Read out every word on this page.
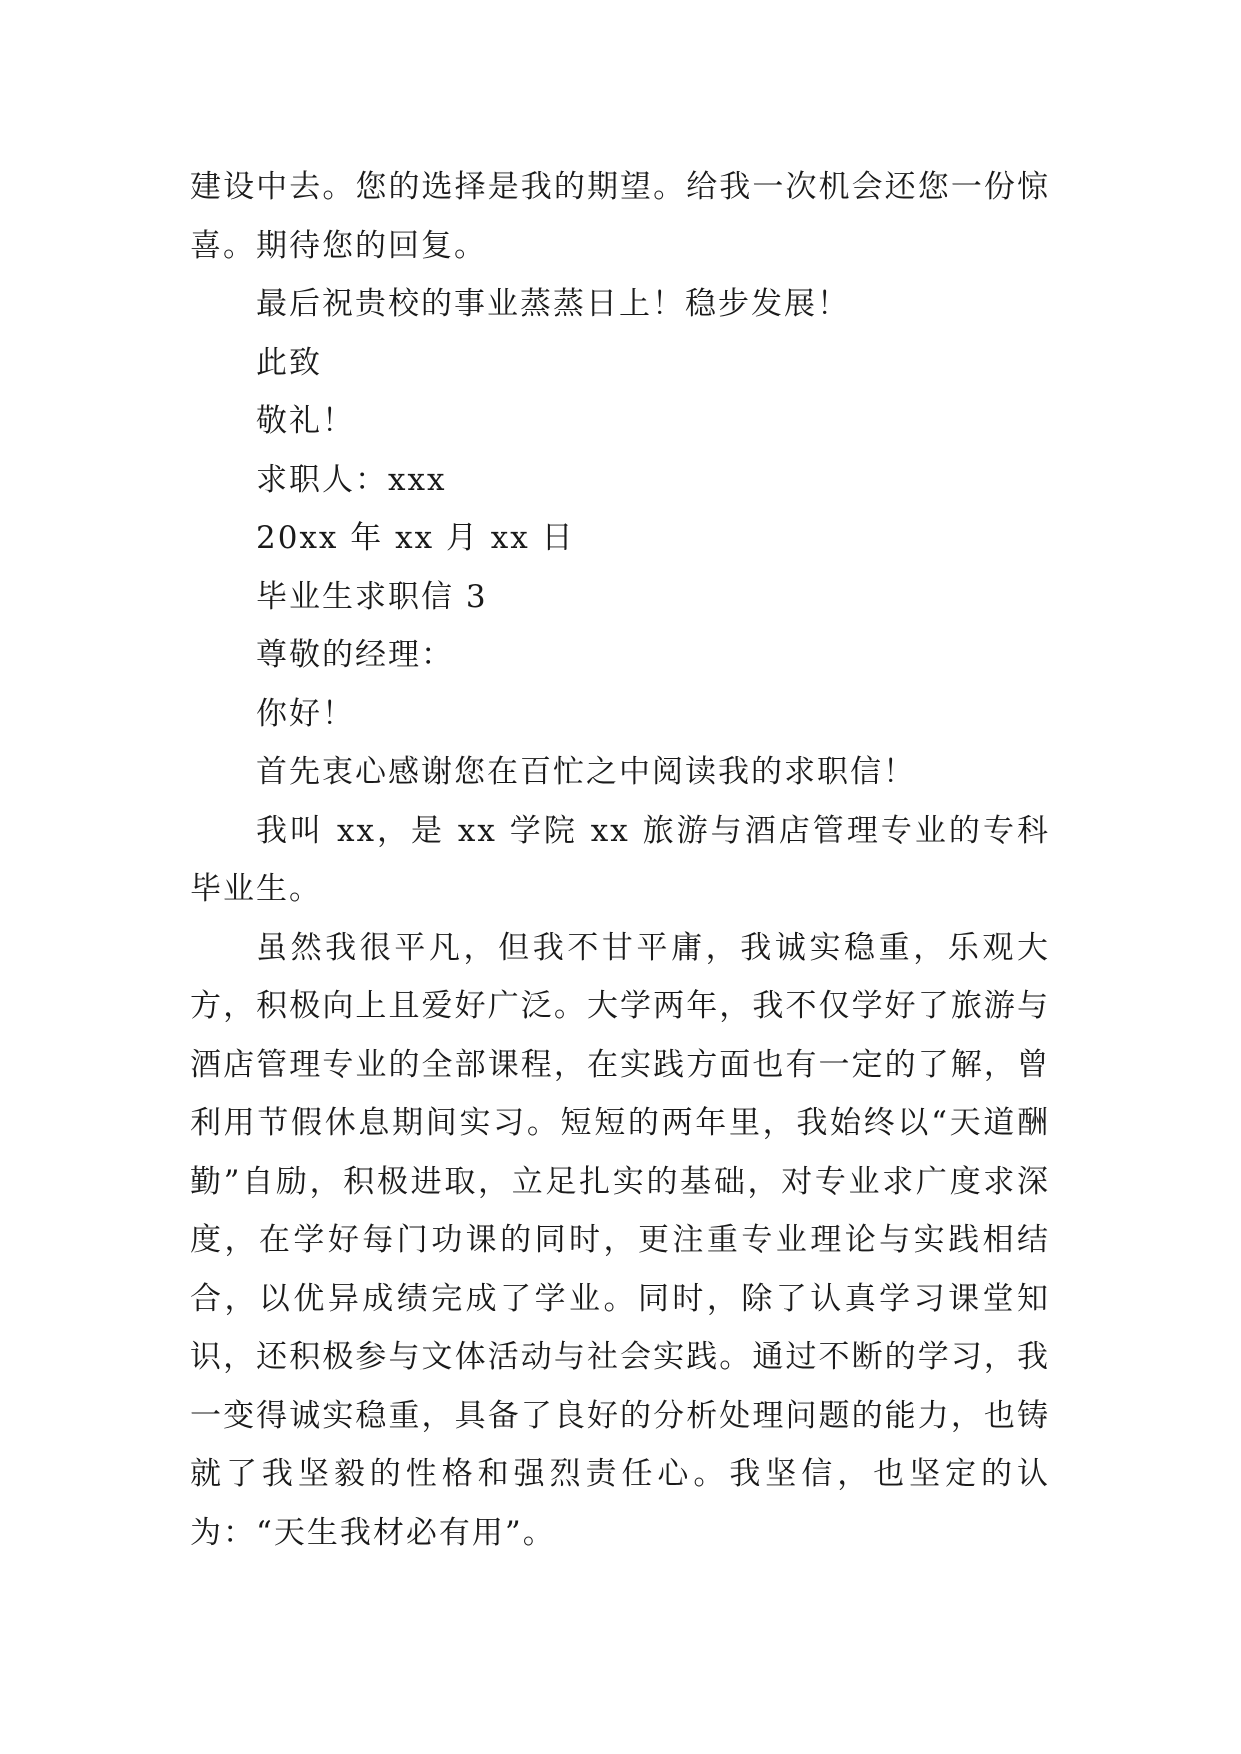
建设中去。您的选择是我的期望。给我一次机会还您一份惊喜。期待您的回复。

最后祝贵校的事业蒸蒸日上！稳步发展！

此致

敬礼！

求职人：xxx

20xx 年 xx 月 xx 日

毕业生求职信 3

尊敬的经理：

你好！

首先衷心感谢您在百忙之中阅读我的求职信！

我叫 xx，是 xx 学院 xx 旅游与酒店管理专业的专科毕业生。

虽然我很平凡，但我不甘平庸，我诚实稳重，乐观大方，积极向上且爱好广泛。大学两年，我不仅学好了旅游与酒店管理专业的全部课程，在实践方面也有一定的了解，曾利用节假休息期间实习。短短的两年里，我始终以“天道酬勤”自励，积极进取，立足扎实的基础，对专业求广度求深度，在学好每门功课的同时，更注重专业理论与实践相结合，以优异成绩完成了学业。同时，除了认真学习课堂知识，还积极参与文体活动与社会实践。通过不断的学习，我一变得诚实稳重，具备了良好的分析处理问题的能力，也铸就了我坚毅的性格和强烈责任心。我坚信，也坚定的认为：“天生我材必有用”。
